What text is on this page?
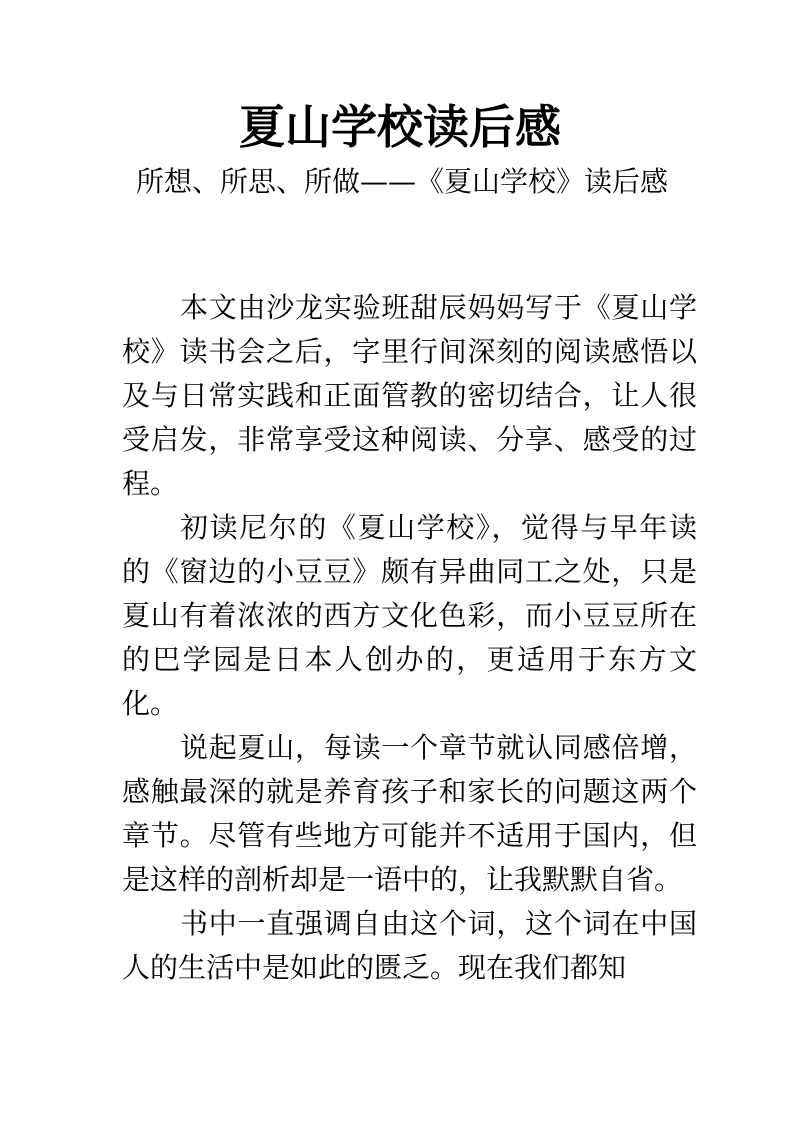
夏山学校读后感

所想、所思、所做——《夏山学校》读后感

本文由沙龙实验班甜辰妈妈写于《夏山学校》读书会之后，字里行间深刻的阅读感悟以及与日常实践和正面管教的密切结合，让人很受启发，非常享受这种阅读、分享、感受的过程。

初读尼尔的《夏山学校》，觉得与早年读的《窗边的小豆豆》颇有异曲同工之处，只是夏山有着浓浓的西方文化色彩，而小豆豆所在的巴学园是日本人创办的，更适用于东方文化。

说起夏山，每读一个章节就认同感倍增，感触最深的就是养育孩子和家长的问题这两个章节。尽管有些地方可能并不适用于国内，但是这样的剖析却是一语中的，让我默默自省。

书中一直强调自由这个词，这个词在中国人的生活中是如此的匮乏。现在我们都知
